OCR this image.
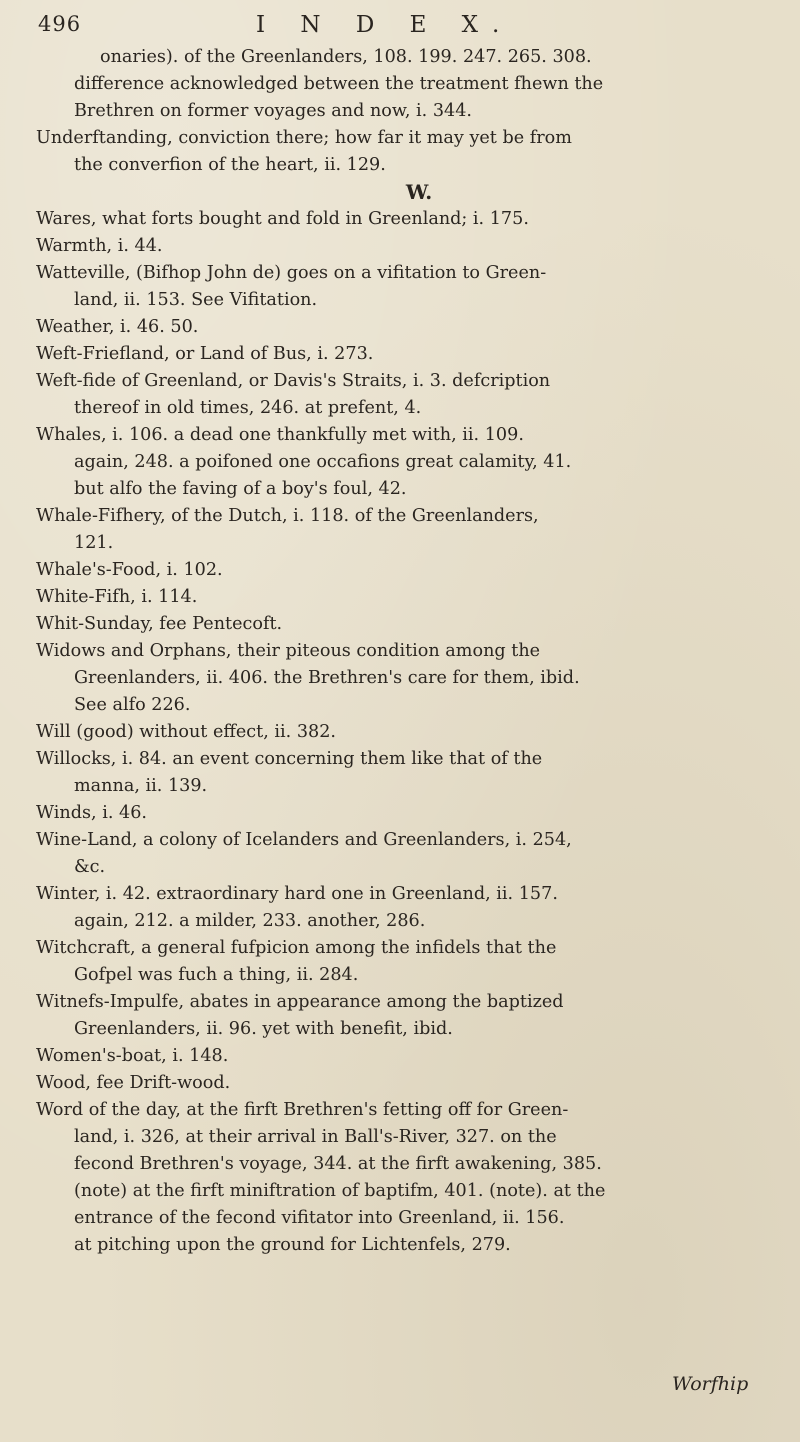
496	I N D E X.
onaries). of the Greenlanders, 108. 199. 247. 265. 308.
difference acknowledged between the treatment fhewn the
Brethren on former voyages and now, i. 344.
Underftanding, conviction there; how far it may yet be from
the converfion of the heart, ii. 129.
W.
Wares, what forts bought and fold in Greenland; i. 175.
Warmth, i. 44.
Watteville, (Bifhop John de) goes on a vifitation to Green-
land, ii. 153. See Vifitation.
Weather, i. 46. 50.
Weft-Friefland, or Land of Bus, i. 273.
Weft-fide of Greenland, or Davis's Straits, i. 3. defcription
thereof in old times, 246. at prefent, 4.
Whales, i. 106. a dead one thankfully met with, ii. 109.
again, 248. a poifoned one occafions great calamity, 41.
but alfo the faving of a boy's foul, 42.
Whale-Fifhery, of the Dutch, i. 118. of the Greenlanders,
121.
Whale's-Food, i. 102.
White-Fifh, i. 114.
Whit-Sunday, fee Pentecoft.
Widows and Orphans, their piteous condition among the
Greenlanders, ii. 406. the Brethren's care for them, ibid.
See alfo 226.
Will (good) without effect, ii. 382.
Willocks, i. 84. an event concerning them like that of the
manna, ii. 139.
Winds, i. 46.
Wine-Land, a colony of Icelanders and Greenlanders, i. 254,
&c.
Winter, i. 42. extraordinary hard one in Greenland, ii. 157.
again, 212. a milder, 233. another, 286.
Witchcraft, a general fufpicion among the infidels that the
Gofpel was fuch a thing, ii. 284.
Witnefs-Impulfe, abates in appearance among the baptized
Greenlanders, ii. 96. yet with benefit, ibid.
Women's-boat, i. 148.
Wood, fee Drift-wood.
Word of the day, at the firft Brethren's fetting off for Green-
land, i. 326, at their arrival in Ball's-River, 327. on the
fecond Brethren's voyage, 344. at the firft awakening, 385.
(note) at the firft miniftration of baptifm, 401. (note). at the
entrance of the fecond vifitator into Greenland, ii. 156.
at pitching upon the ground for Lichtenfels, 279.
Worfhip
